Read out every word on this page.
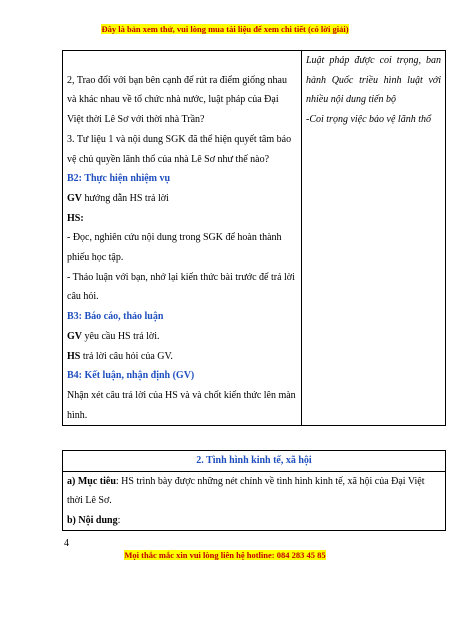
Đây là bản xem thử, vui lòng mua tài liệu để xem chi tiết (có lời giải)
2, Trao đổi với bạn bên cạnh để rút ra điểm giống nhau và khác nhau về tổ chức nhà nước, luật pháp của Đại Việt thời Lê Sơ với thời nhà Trần?
3. Tư liệu 1 và nội dung SGK đã thể hiện quyết tâm bảo vệ chủ quyền lãnh thổ của nhà Lê Sơ như thế nào?
B2: Thực hiện nhiệm vụ
GV hướng dẫn HS trả lời
HS:
- Đọc, nghiên cứu nội dung trong SGK để hoàn thành phiếu học tập.
- Thảo luận với bạn, nhớ lại kiến thức bài trước để trả lời câu hỏi.
B3: Báo cáo, thảo luận
GV yêu cầu HS trả lời.
HS trả lời câu hỏi của GV.
B4: Kết luận, nhận định (GV)
Nhận xét câu trả lời của HS và và chốt kiến thức lên màn hình.

Luật pháp được coi trọng, ban hành Quốc triều hình luật với nhiều nội dung tiến bộ
-Coi trọng việc bảo vệ lãnh thổ
2. Tình hình kinh tế, xã hội

a) Mục tiêu: HS trình bày được những nét chính về tình hình kinh tế, xã hội của Đại Việt thời Lê Sơ.
b) Nội dung:
4
Mọi thắc mắc xin vui lòng liên hệ hotline: 084 283 45 85
